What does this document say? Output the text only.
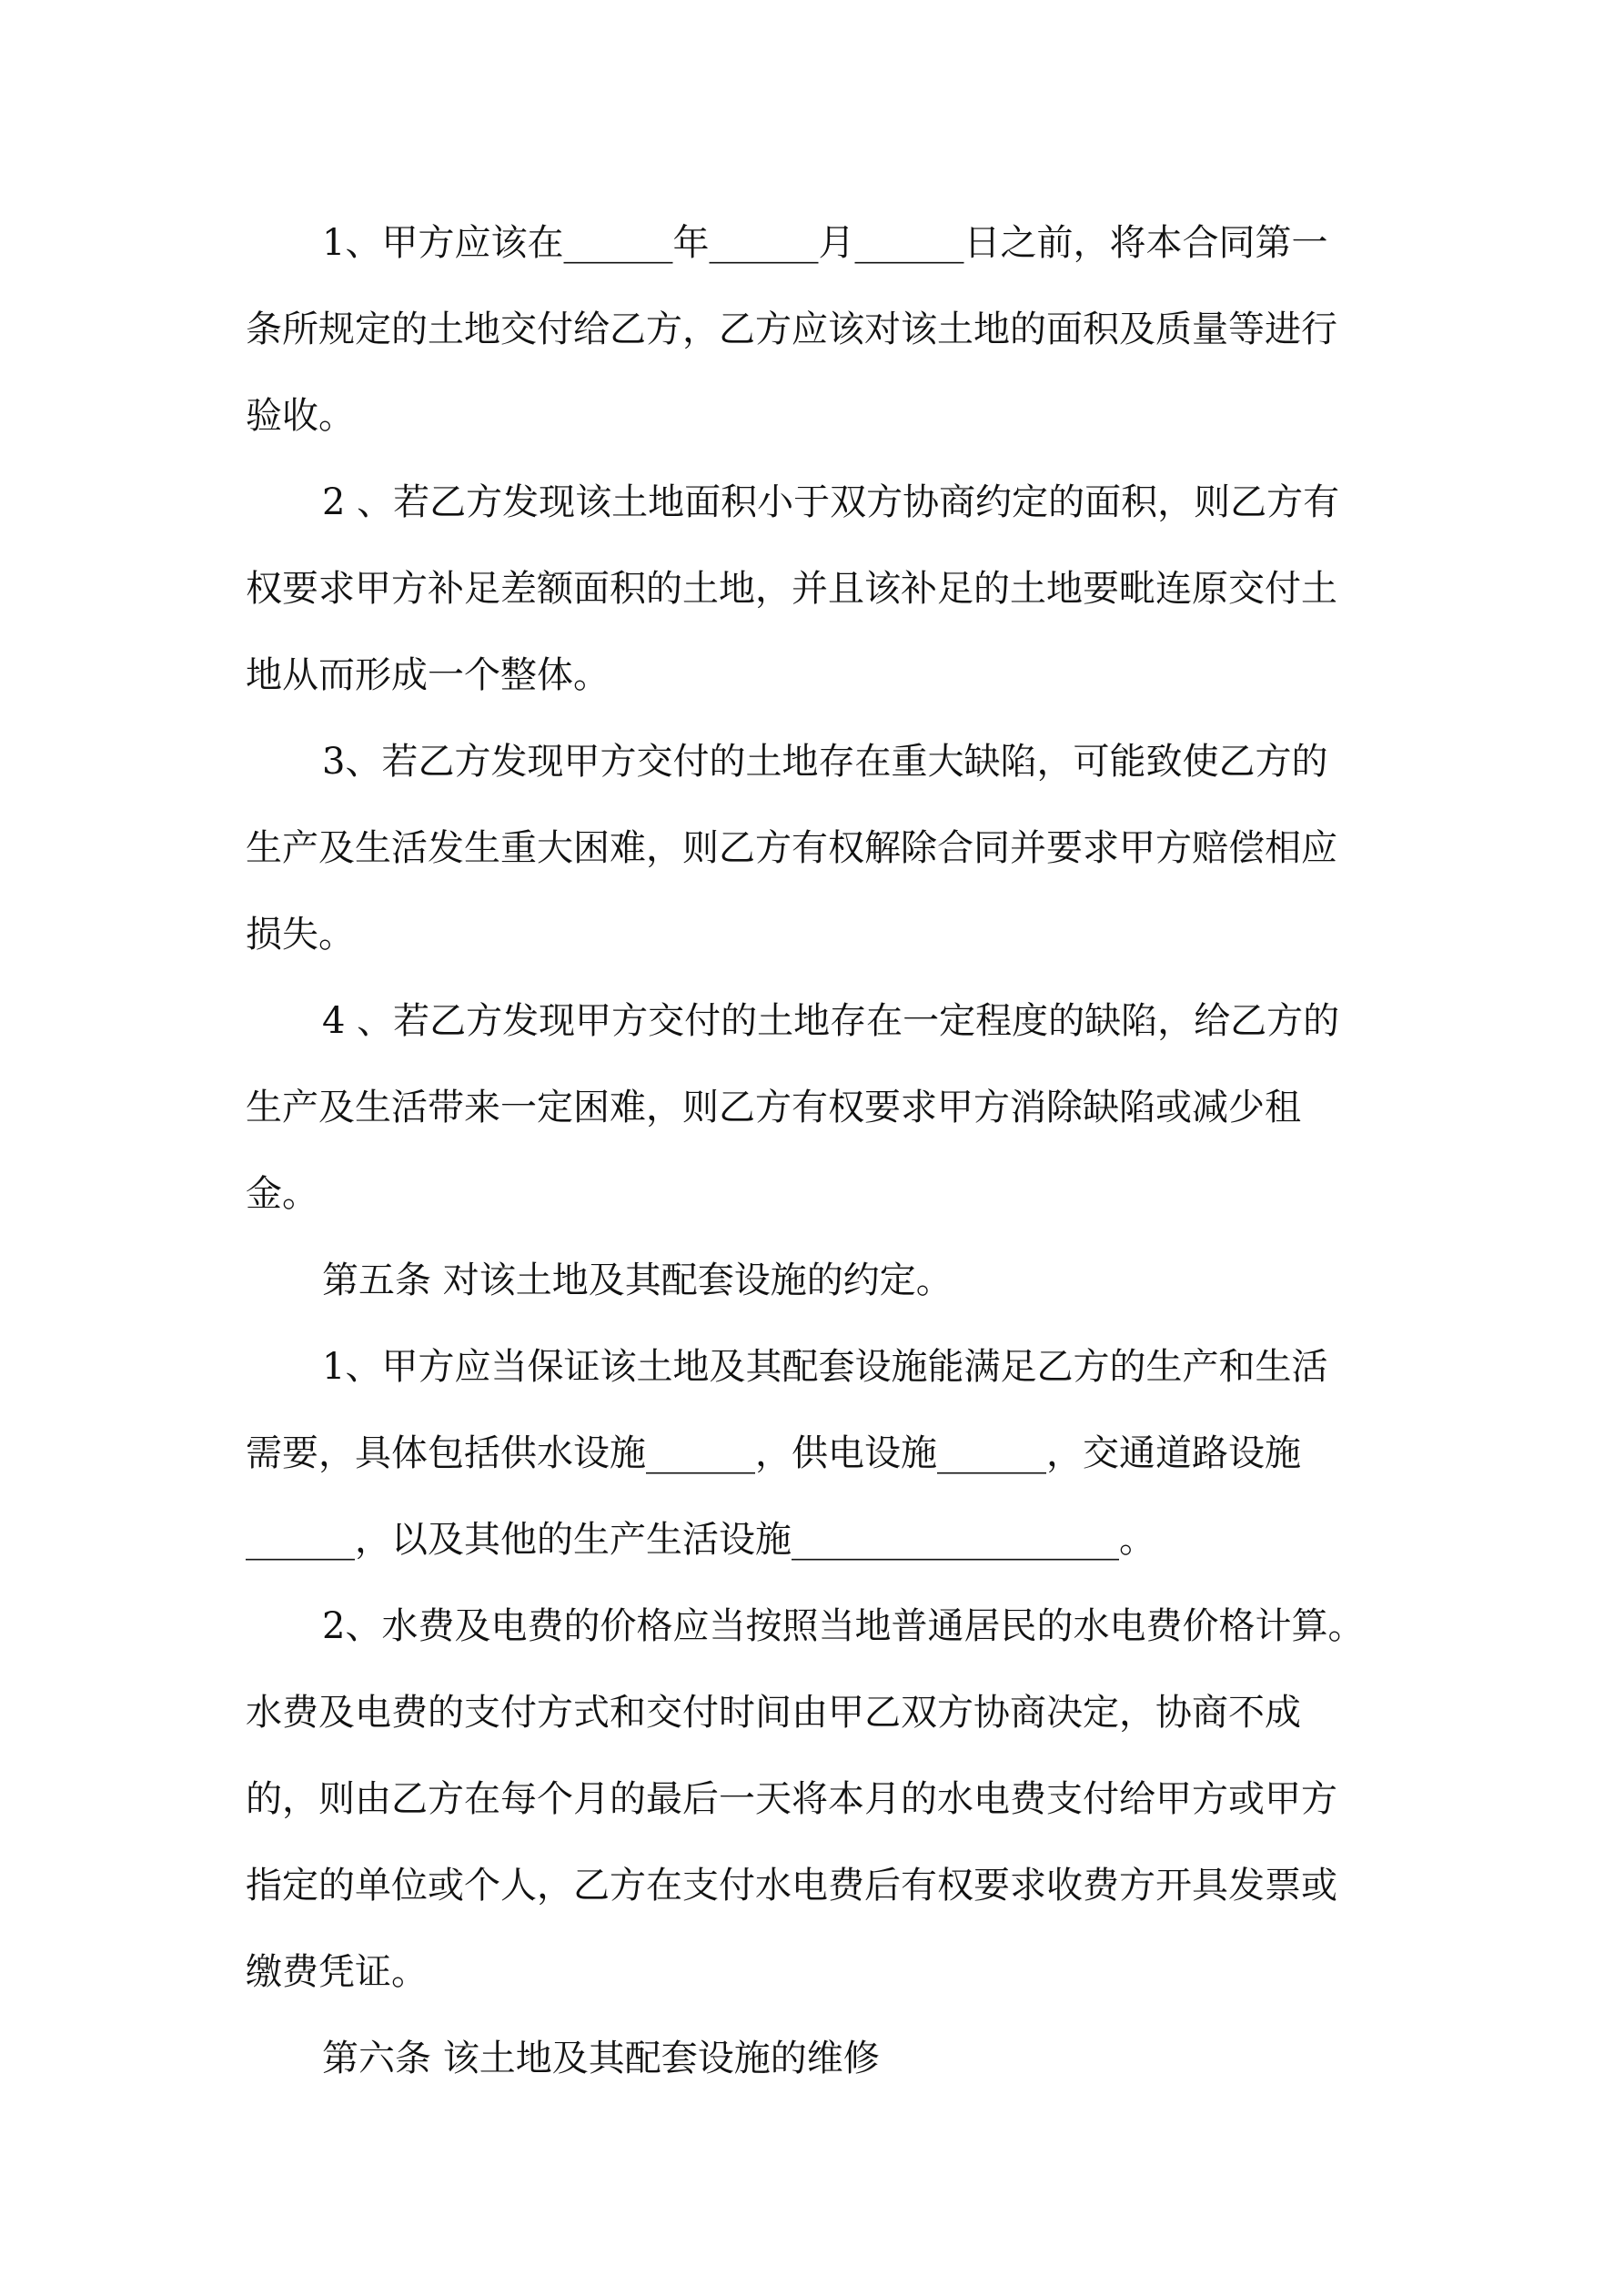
1、甲方应该在______年______月______日之前，将本合同第一

条所规定的土地交付给乙方，乙方应该对该土地的面积及质量等进行

验收。

2 、若乙方发现该土地面积小于双方协商约定的面积，则乙方有

权要求甲方补足差额面积的土地，并且该补足的土地要毗连原交付土

地从而形成一个整体。

3、若乙方发现甲方交付的土地存在重大缺陷，可能致使乙方的

生产及生活发生重大困难，则乙方有权解除合同并要求甲方赔偿相应

损失。

4 、若乙方发现甲方交付的土地存在一定程度的缺陷，给乙方的

生产及生活带来一定困难，则乙方有权要求甲方消除缺陷或减少租

金。

第五条 对该土地及其配套设施的约定。

1、甲方应当保证该土地及其配套设施能满足乙方的生产和生活

需要，具体包括供水设施______，供电设施______，交通道路设施

______，以及其他的生产生活设施__________________。

2、水费及电费的价格应当按照当地普通居民的水电费价格计算。

水费及电费的支付方式和交付时间由甲乙双方协商决定，协商不成

的，则由乙方在每个月的最后一天将本月的水电费支付给甲方或甲方

指定的单位或个人，乙方在支付水电费后有权要求收费方开具发票或

缴费凭证。

第六条 该土地及其配套设施的维修
